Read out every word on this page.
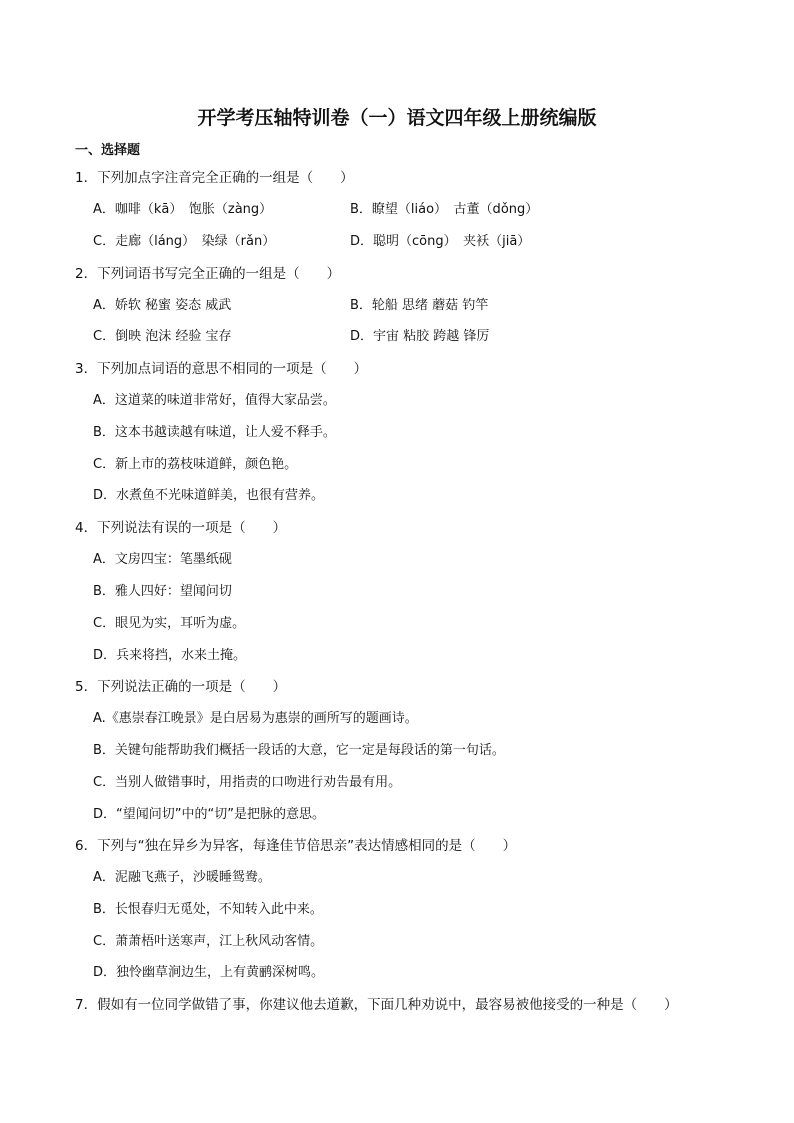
开学考压轴特训卷（一）语文四年级上册统编版
一、选择题
1．下列加点字注音完全正确的一组是（　　）
A．咖啡（kā）　饱胀（zàng）	B．瞭望（liáo）　古董（dǒng）
C．走廊（láng）　染绿（rǎn）	D．聪明（cōng）　夹袄（jiā）
2．下列词语书写完全正确的一组是（　　）
A．娇软 秘蜜 姿态 威武	B．轮船 思绪 蘑菇 钓竿
C．倒映 泡沫 经验 宝存	D．宇宙 粘胶 跨越 锋厉
3．下列加点词语的意思不相同的一项是（　　）
A．这道菜的味道非常好，值得大家品尝。
B．这本书越读越有味道，让人爱不释手。
C．新上市的荔枝味道鲜，颜色艳。
D．水煮鱼不光味道鲜美，也很有营养。
4．下列说法有误的一项是（　　）
A．文房四宝：笔墨纸砚
B．雅人四好：望闻问切
C．眼见为实，耳听为虚。
D．兵来将挡，水来土掩。
5．下列说法正确的一项是（　　）
A.《惠崇春江晚景》是白居易为惠崇的画所写的题画诗。
B．关键句能帮助我们概括一段话的大意，它一定是每段话的第一句话。
C．当别人做错事时，用指责的口吻进行劝告最有用。
D．“望闻问切”中的“切”是把脉的意思。
6．下列与“独在异乡为异客，每逢佳节倍思亲”表达情感相同的是（　　）
A．泥融飞燕子，沙暖睡鸳鸯。
B．长恨春归无觅处，不知转入此中来。
C．萧萧梧叶送寒声，江上秋风动客情。
D．独怜幽草涧边生，上有黄鹂深树鸣。
7．假如有一位同学做错了事，你建议他去道歉，下面几种劝说中，最容易被他接受的一种是（　　）
